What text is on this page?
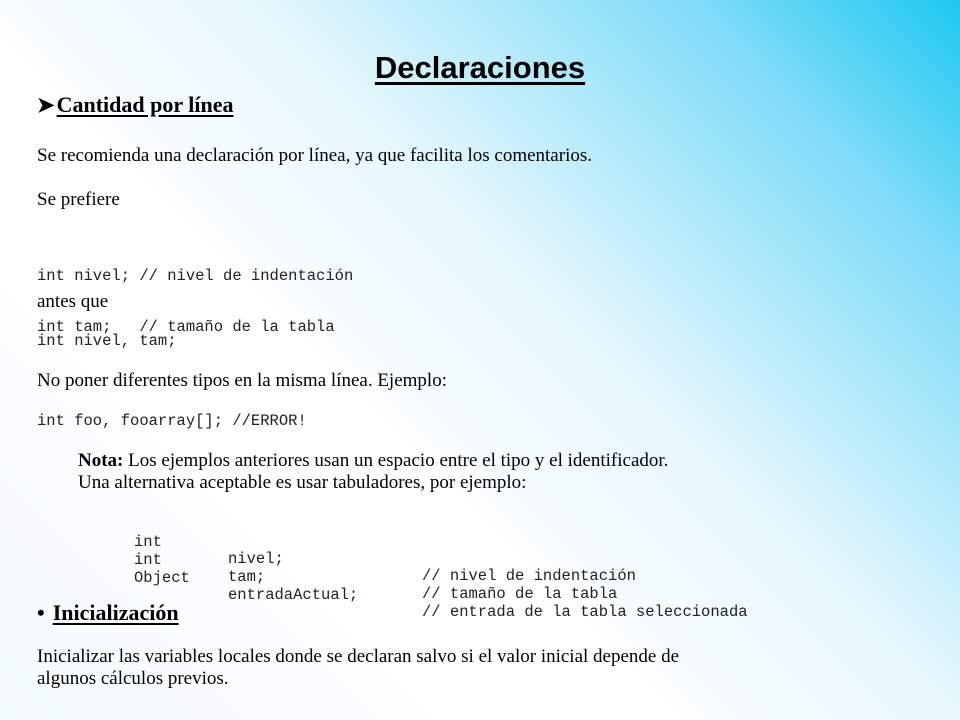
Declaraciones
➤Cantidad por línea
Se recomienda una declaración por línea, ya que facilita los comentarios.
Se prefiere

int nivel; // nivel de indentación

int tam;   // tamaño de la tabla

antes que
int nivel, tam;
No poner diferentes tipos en la misma línea. Ejemplo:
int foo, fooarray[]; //ERROR!
Nota: Los ejemplos anteriores usan un espacio entre el tipo y el identificador.
Una alternativa aceptable es usar tabuladores, por ejemplo:

int

nivel;

// nivel de indentación

int

tam;

// tamaño de la tabla

Object

entradaActual;

// entrada de la tabla seleccionada

• Inicialización
Inicializar las variables locales donde se declaran salvo si el valor inicial depende de
algunos cálculos previos.
